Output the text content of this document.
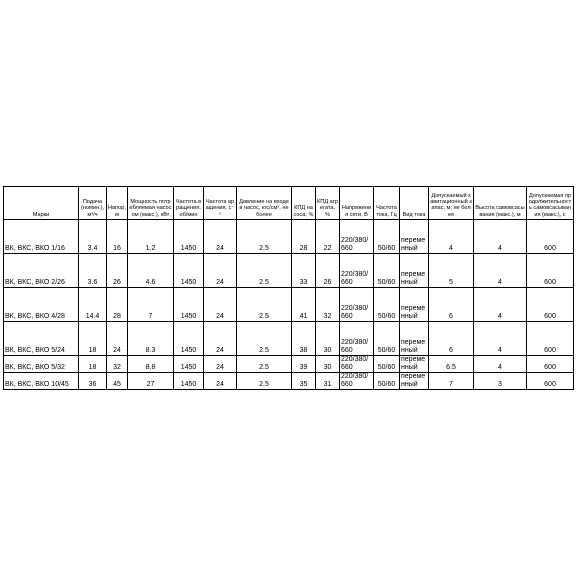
Марки	Подача (номин.), м³/ч	Напор, м	Мощность потребляемая насосом (макс.), кВт	Частота вращения, об/мин	Частота вращения, с⁻¹	Давление на входе в насос, кгс/см², не более	КПД насоса, %	КПД агрегата, %	Напряжения сети, В	Частота тока, Гц	Вид тока	Допускаемый кавитационный запас, м, не более	Высота самовсасывания (макс.), м	Допускаемая продолжительность самовсасывания (макс.), с
ВК, ВКС, ВКО 1/16	3.4	16	1.2	1450	24	2.5	28	22	220/380/660	50/60	переменный	4	4	600
ВК, ВКС, ВКО 2/26	3.6	26	4.6	1450	24	2.5	33	26	220/380/660	50/60	переменный	5	4	600
ВК, ВКС, ВКО 4/28	14.4	28	7	1450	24	2.5	41	32	220/380/660	50/60	переменный	6	4	600
ВК, ВКС, ВКО 5/24	18	24	8.3	1450	24	2.5	38	30	220/380/660	50/60	переменный	6	4	600
ВК, ВКС, ВКО 5/32	18	32	8.8	1450	24	2.5	39	30	220/380/660	50/60	переменный	6.5	4	600
ВК, ВКС, ВКО 10/45	36	45	27	1450	24	2.5	35	31	220/380/660	50/60	переменный	7	3	600
